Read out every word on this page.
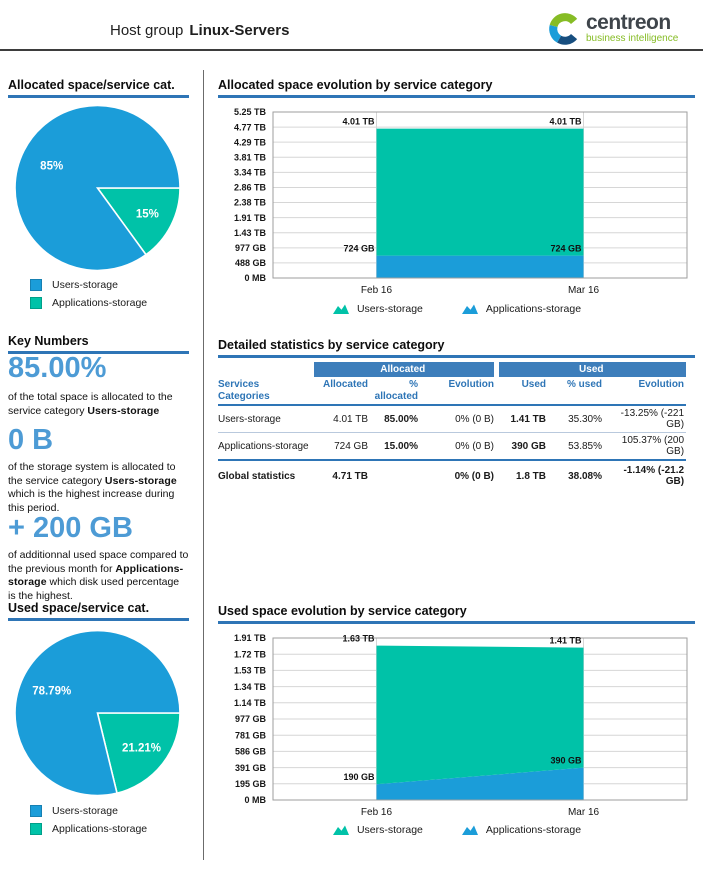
Host group Linux-Servers	centreon
business intelligence
Allocated space/service cat.
15%
85%
Users-storage
Applications-storage
Key Numbers
85.00%
of the total space is allocated to the service category Users-storage
0 B
of the storage system is allocated to the service category Users-storage which is the highest increase during this period.
+ 200 GB
of additionnal used space compared to the previous month for Applications-storage which disk used percentage is the highest.
Used space/service cat.
21.21%
78.79%
Users-storage
Applications-storage
Allocated space evolution by service category
5.25 TB
4.77 TB
4.29 TB
3.81 TB
3.34 TB
2.86 TB
2.38 TB
1.91 TB
1.43 TB
977 GB
488 GB
0 MB
724 GB	724 GB
4.01 TB	4.01 TB
Feb 16	Mar 16
Users-storage	Applications-storage
Detailed statistics by service category
	Allocated			Used		
Services Categories	Allocated	% allocated	Evolution	Used	% used	Evolution
Users-storage	4.01 TB	85.00%	0% (0 B)	1.41 TB	35.30%	-13.25% (-221 GB)
Applications-storage	724 GB	15.00%	0% (0 B)	390 GB	53.85%	105.37% (200 GB)
Global statistics	4.71 TB		0% (0 B)	1.8 TB	38.08%	-1.14% (-21.2 GB)
Used space evolution by service category
1.91 TB
1.72 TB
1.53 TB
1.34 TB
1.14 TB
977 GB
781 GB
586 GB
391 GB
195 GB
0 MB
190 GB
390 GB
1.63 TB	1.41 TB
Feb 16	Mar 16
Users-storage	Applications-storage
